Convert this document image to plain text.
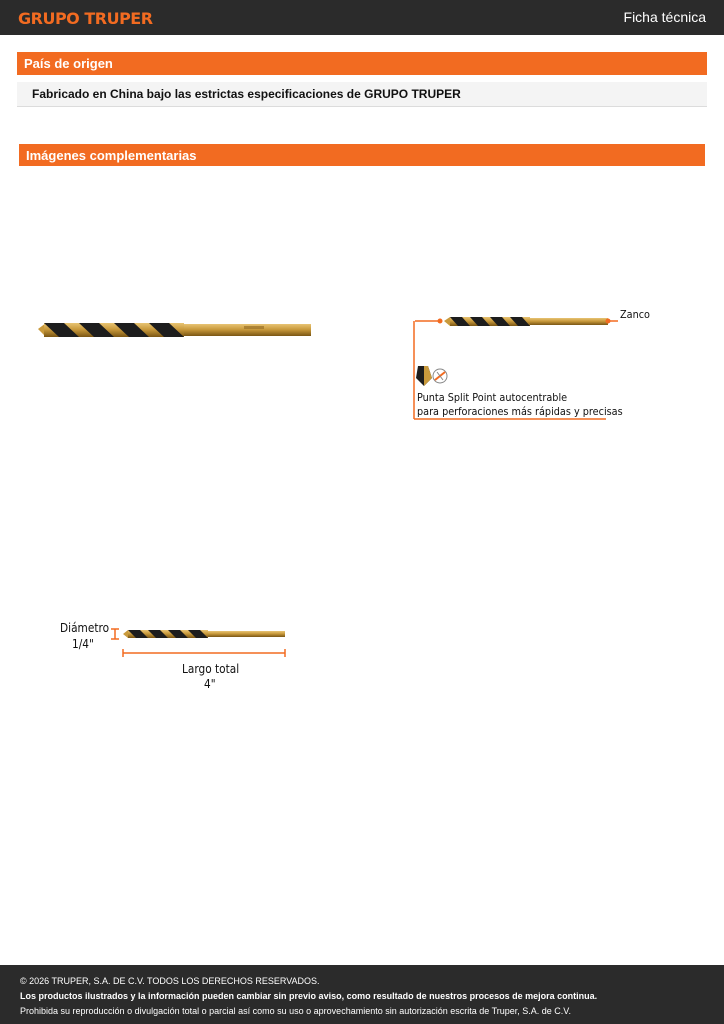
GRUPO TRUPER	Ficha técnica
País de origen
Fabricado en China bajo las estrictas especificaciones de GRUPO TRUPER
Imágenes complementarias
Zanco
Punta Split Point autocentrable
para perforaciones más rápidas y precisas
Diámetro
1/4"
Largo total
4"
© 2026 TRUPER, S.A. DE C.V. TODOS LOS DERECHOS RESERVADOS.
Los productos ilustrados y la información pueden cambiar sin previo aviso, como resultado de nuestros procesos de mejora continua.
Prohibida su reproducción o divulgación total o parcial así como su uso o aprovechamiento sin autorización escrita de Truper, S.A. de C.V.
